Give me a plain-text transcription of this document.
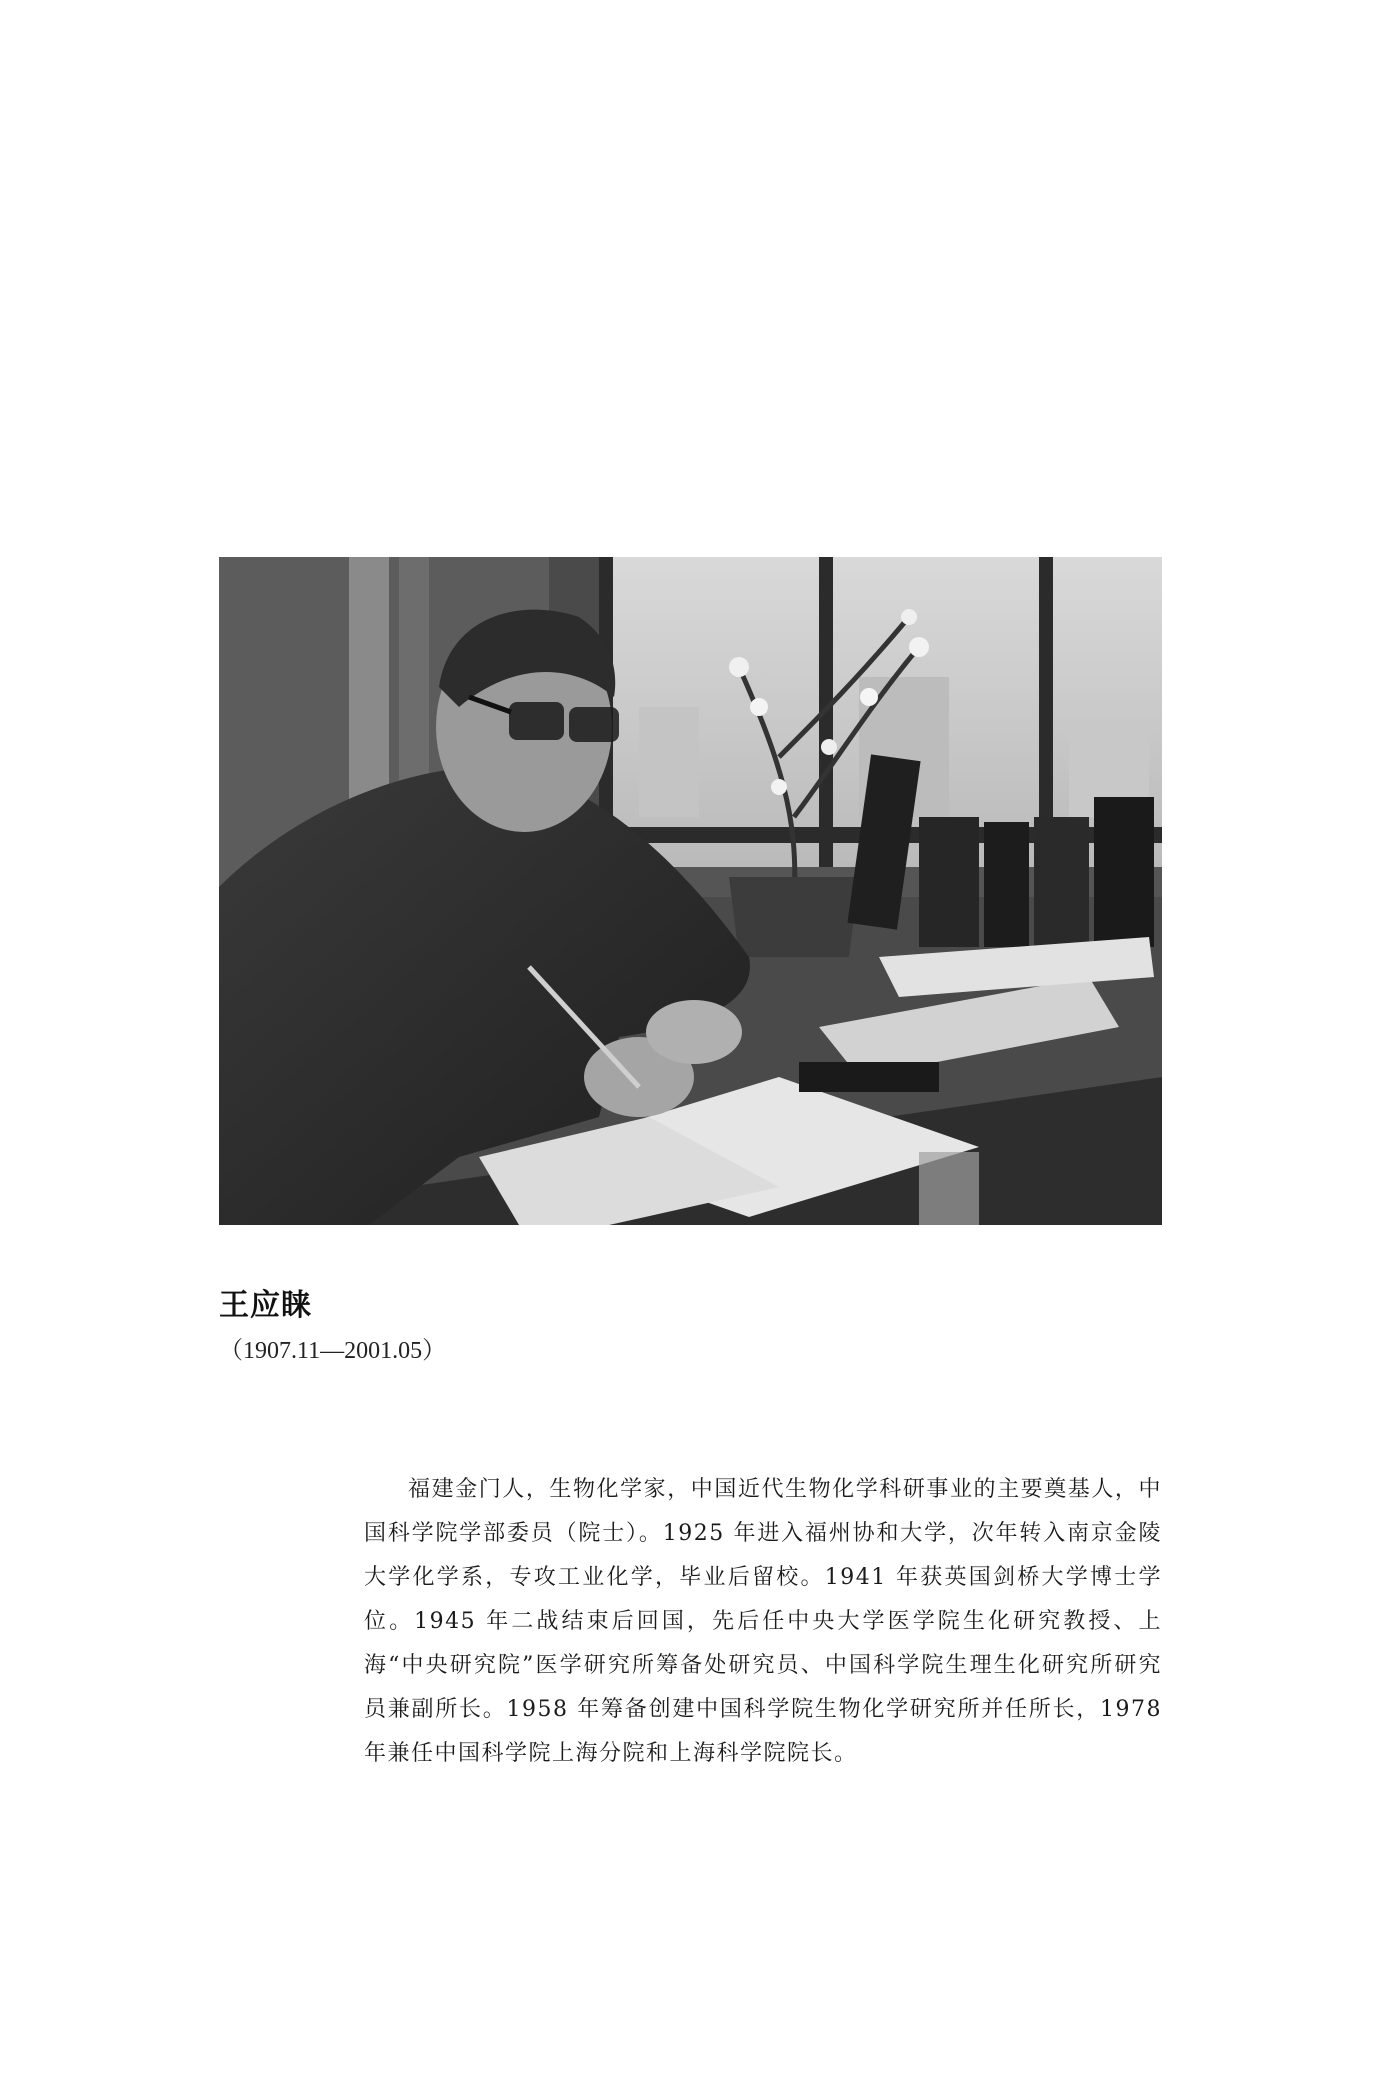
王应睐

（1907.11—2001.05）

福建金门人，生物化学家，中国近代生物化学科研事业的主要奠基人，中国科学院学部委员（院士）。1925 年进入福州协和大学，次年转入南京金陵大学化学系，专攻工业化学，毕业后留校。1941 年获英国剑桥大学博士学位。1945 年二战结束后回国，先后任中央大学医学院生化研究教授、上海“中央研究院”医学研究所筹备处研究员、中国科学院生理生化研究所研究员兼副所长。1958 年筹备创建中国科学院生物化学研究所并任所长，1978 年兼任中国科学院上海分院和上海科学院院长。
